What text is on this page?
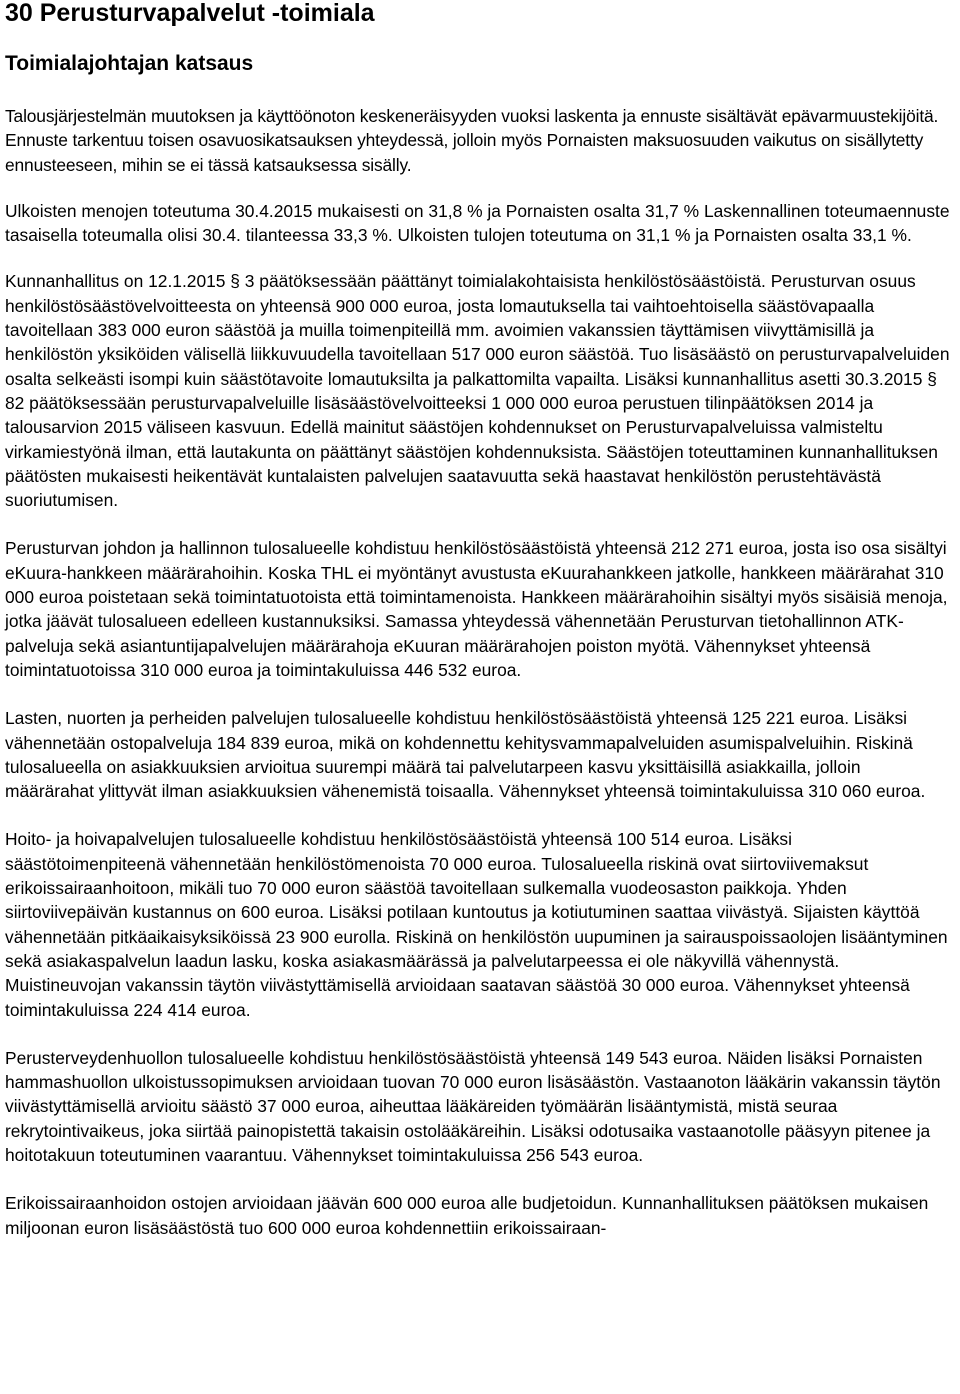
30 Perusturvapalvelut -toimiala
Toimialajohtajan katsaus

Talousjärjestelmän muutoksen ja käyttöönoton keskeneräisyyden vuoksi laskenta ja ennuste sisältävät epävarmuustekijöitä. Ennuste tarkentuu toisen osavuosikatsauksen yhteydessä, jolloin myös Pornaisten maksuosuuden vaikutus on sisällytetty ennusteeseen, mihin se ei tässä katsauksessa sisälly.

Ulkoisten menojen toteutuma 30.4.2015 mukaisesti on 31,8 % ja Pornaisten osalta 31,7 % Laskennallinen toteumaennuste tasaisella toteumalla olisi 30.4. tilanteessa 33,3 %. Ulkoisten tulojen toteutuma on 31,1 % ja Pornaisten osalta 33,1 %.

Kunnanhallitus on 12.1.2015 § 3 päätöksessään päättänyt toimialakohtaisista henkilöstösäästöistä. Perusturvan osuus henkilöstösäästövelvoitteesta on yhteensä 900 000 euroa, josta lomautuksella tai vaihtoehtoisella säästövapaalla tavoitellaan 383 000 euron säästöä ja muilla toimenpiteillä mm. avoimien vakanssien täyttämisen viivyttämisillä ja henkilöstön yksiköiden välisellä liikkuvuudella tavoitellaan 517 000 euron säästöä. Tuo lisäsäästö on perusturvapalveluiden osalta selkeästi isompi kuin säästötavoite lomautuksilta ja palkattomilta vapailta. Lisäksi kunnanhallitus asetti 30.3.2015 § 82 päätöksessään perusturvapalveluille lisäsäästövelvoitteeksi 1 000 000 euroa perustuen tilinpäätöksen 2014 ja talousarvion 2015 väliseen kasvuun. Edellä mainitut säästöjen kohdennukset on Perusturvapalveluissa valmisteltu virkamiestyönä ilman, että lautakunta on päättänyt säästöjen kohdennuksista. Säästöjen toteuttaminen kunnanhallituksen päätösten mukaisesti heikentävät kuntalaisten palvelujen saatavuutta sekä haastavat henkilöstön perustehtävästä suoriutumisen.

Perusturvan johdon ja hallinnon tulosalueelle kohdistuu henkilöstösäästöistä yhteensä 212 271 euroa, josta iso osa sisältyi eKuura-hankkeen määrärahoihin. Koska THL ei myöntänyt avustusta eKuurahankkeen jatkolle, hankkeen määrärahat 310 000 euroa poistetaan sekä toimintatuotoista että toimintamenoista. Hankkeen määrärahoihin sisältyi myös sisäisiä menoja, jotka jäävät tulosalueen edelleen kustannuksiksi. Samassa yhteydessä vähennetään Perusturvan tietohallinnon ATK-palveluja sekä asiantuntijapalvelujen määrärahoja eKuuran määrärahojen poiston myötä. Vähennykset yhteensä toimintatuotoissa 310 000 euroa ja toimintakuluissa 446 532 euroa.

Lasten, nuorten ja perheiden palvelujen tulosalueelle kohdistuu henkilöstösäästöistä yhteensä 125 221 euroa. Lisäksi vähennetään ostopalveluja 184 839 euroa, mikä on kohdennettu kehitysvammapalveluiden asumispalveluihin. Riskinä tulosalueella on asiakkuuksien arvioitua suurempi määrä tai palvelutarpeen kasvu yksittäisillä asiakkailla, jolloin määrärahat ylittyvät ilman asiakkuuksien vähenemistä toisaalla. Vähennykset yhteensä toimintakuluissa 310 060 euroa.

Hoito- ja hoivapalvelujen tulosalueelle kohdistuu henkilöstösäästöistä yhteensä 100 514 euroa. Lisäksi säästötoimenpiteenä vähennetään henkilöstömenoista 70 000 euroa. Tulosalueella riskinä ovat siirtoviivemaksut erikoissairaanhoitoon, mikäli tuo 70 000 euron säästöä tavoitellaan sulkemalla vuodeosaston paikkoja. Yhden siirtoviivepäivän kustannus on 600 euroa. Lisäksi potilaan kuntoutus ja kotiutuminen saattaa viivästyä. Sijaisten käyttöä vähennetään pitkäaikaisyksiköissä 23 900 eurolla. Riskinä on henkilöstön uupuminen ja sairauspoissaolojen lisääntyminen sekä asiakaspalvelun laadun lasku, koska asiakasmäärässä ja palvelutarpeessa ei ole näkyvillä vähennystä. Muistineuvojan vakanssin täytön viivästyttämisellä arvioidaan saatavan säästöä 30 000 euroa. Vähennykset yhteensä toimintakuluissa 224 414 euroa.

Perusterveydenhuollon tulosalueelle kohdistuu henkilöstösäästöistä yhteensä 149 543 euroa. Näiden lisäksi Pornaisten hammashuollon ulkoistussopimuksen arvioidaan tuovan 70 000 euron lisäsäästön. Vastaanoton lääkärin vakanssin täytön viivästyttämisellä arvioitu säästö 37 000 euroa, aiheuttaa lääkäreiden työmäärän lisääntymistä, mistä seuraa rekrytointivaikeus, joka siirtää painopistettä takaisin ostolääkäreihin. Lisäksi odotusaika vastaanotolle pääsyyn pitenee ja hoitotakuun toteutuminen vaarantuu. Vähennykset toimintakuluissa 256 543 euroa.

Erikoissairaanhoidon ostojen arvioidaan jäävän 600 000 euroa alle budjetoidun. Kunnanhallituksen päätöksen mukaisen miljoonan euron lisäsäästöstä tuo 600 000 euroa kohdennettiin erikoissairaan-
